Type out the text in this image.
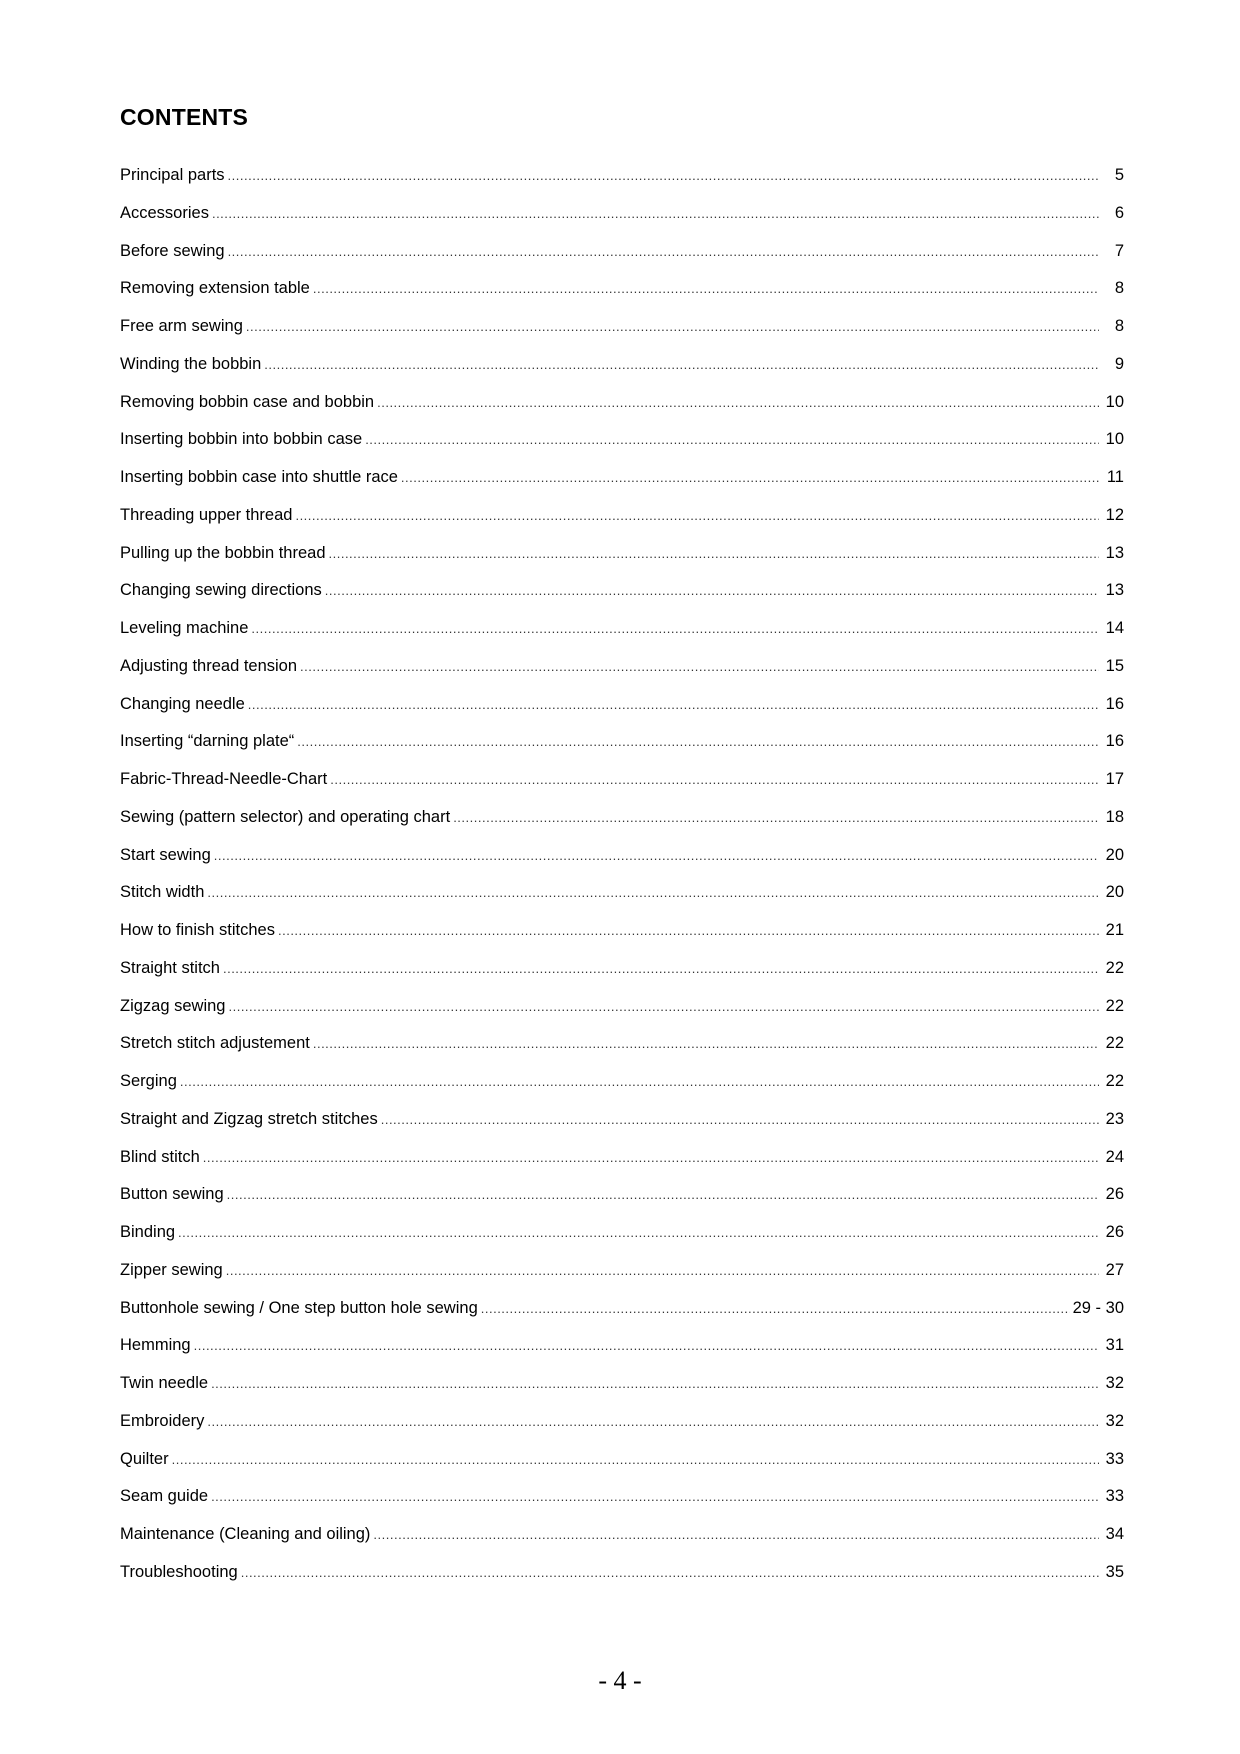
CONTENTS
Principal parts .....	5
Accessories .....	6
Before sewing .....	7
Removing extension table .....	8
Free arm sewing .....	8
Winding the bobbin .....	9
Removing bobbin case and bobbin .....	10
Inserting bobbin into bobbin case .....	10
Inserting bobbin case into shuttle race .....	11
Threading upper thread .....	12
Pulling up the bobbin thread .....	13
Changing sewing directions .....	13
Leveling machine .....	14
Adjusting thread tension .....	15
Changing needle .....	16
Inserting “darning plate“ .....	16
Fabric-Thread-Needle-Chart .....	17
Sewing (pattern selector) and operating chart .....	18
Start sewing .....	20
Stitch width .....	20
How to finish stitches .....	21
Straight stitch .....	22
Zigzag sewing .....	22
Stretch stitch adjustement .....	22
Serging .....	22
Straight and Zigzag stretch stitches .....	23
Blind stitch .....	24
Button sewing .....	26
Binding .....	26
Zipper sewing .....	27
Buttonhole sewing / One step button hole sewing .....	29 - 30
Hemming .....	31
Twin needle .....	32
Embroidery .....	32
Quilter .....	33
Seam guide .....	33
Maintenance (Cleaning and oiling) .....	34
Troubleshooting .....	35
- 4 -
